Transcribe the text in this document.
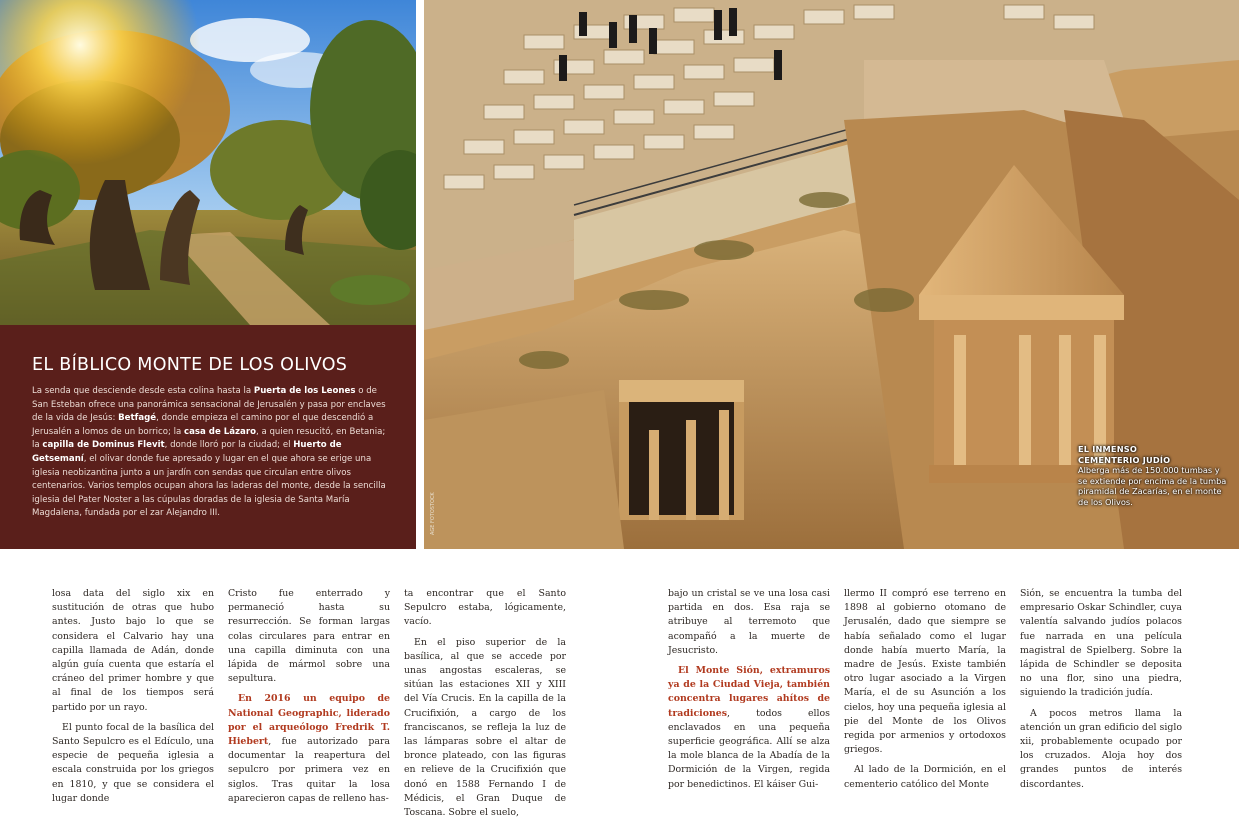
AGE FOTOSTOCK
EL BÍBLICO MONTE DE LOS OLIVOS

La senda que desciende desde esta colina hasta la Puerta de los Leones o de San Esteban ofrece una panorámica sensacional de Jerusalén y pasa por enclaves de la vida de Jesús: Betfagé, donde empieza el camino por el que descendió a Jerusalén a lomos de un borrico; la casa de Lázaro, a quien resucitó, en Betania; la capilla de Dominus Flevit, donde lloró por la ciudad; el Huerto de Getsemaní, el olivar donde fue apresado y lugar en el que ahora se erige una iglesia neobizantina junto a un jardín con sendas que circulan entre olivos centenarios. Varios templos ocupan ahora las laderas del monte, desde la sencilla iglesia del Pater Noster a las cúpulas doradas de la iglesia de Santa María Magdalena, fundada por el zar Alejandro III.

EL INMENSO
CEMENTERIO JUDÍO
Alberga más de 150.000 tumbas y se extiende por encima de la tumba piramidal de Zacarías, en el monte de los Olivos.

losa data del siglo xix en sustitución de otras que hubo antes. Justo bajo lo que se considera el Calvario hay una capilla llamada de Adán, donde algún guía cuenta que estaría el cráneo del primer hombre y que al final de los tiempos será partido por un rayo.

El punto focal de la basílica del Santo Sepulcro es el Edículo, una especie de pequeña iglesia a escala construida por los griegos en 1810, y que se considera el lugar donde

Cristo fue enterrado y permaneció hasta su resurrección. Se forman largas colas circulares para entrar en una capilla diminuta con una lápida de mármol sobre una sepultura.

En 2016 un equipo de National Geographic, liderado por el arqueólogo Fredrik T. Hiebert, fue autorizado para documentar la reapertura del sepulcro por primera vez en siglos. Tras quitar la losa aparecieron capas de relleno has-

ta encontrar que el Santo Sepulcro estaba, lógicamente, vacío.

En el piso superior de la basílica, al que se accede por unas angostas escaleras, se sitúan las estaciones XII y XIII del Vía Crucis. En la capilla de la Crucifixión, a cargo de los franciscanos, se refleja la luz de las lámparas sobre el altar de bronce plateado, con las figuras en relieve de la Crucifixión que donó en 1588 Fernando I de Médicis, el Gran Duque de Toscana. Sobre el suelo,

bajo un cristal se ve una losa casi partida en dos. Esa raja se atribuye al terremoto que acompañó a la muerte de Jesucristo.

El Monte Sión, extramuros ya de la Ciudad Vieja, también concentra lugares ahítos de tradiciones, todos ellos enclavados en una pequeña superficie geográfica. Allí se alza la mole blanca de la Abadía de la Dormición de la Virgen, regida por benedictinos. El káiser Gui-

llermo II compró ese terreno en 1898 al gobierno otomano de Jerusalén, dado que siempre se había señalado como el lugar donde había muerto María, la madre de Jesús. Existe también otro lugar asociado a la Virgen María, el de su Asunción a los cielos, hoy una pequeña iglesia al pie del Monte de los Olivos regida por armenios y ortodoxos griegos.

Al lado de la Dormición, en el cementerio católico del Monte

Sión, se encuentra la tumba del empresario Oskar Schindler, cuya valentía salvando judíos polacos fue narrada en una película magistral de Spielberg. Sobre la lápida de Schindler se deposita no una flor, sino una piedra, siguiendo la tradición judía.

A pocos metros llama la atención un gran edificio del siglo xii, probablemente ocupado por los cruzados. Aloja hoy dos grandes puntos de interés discordantes.
